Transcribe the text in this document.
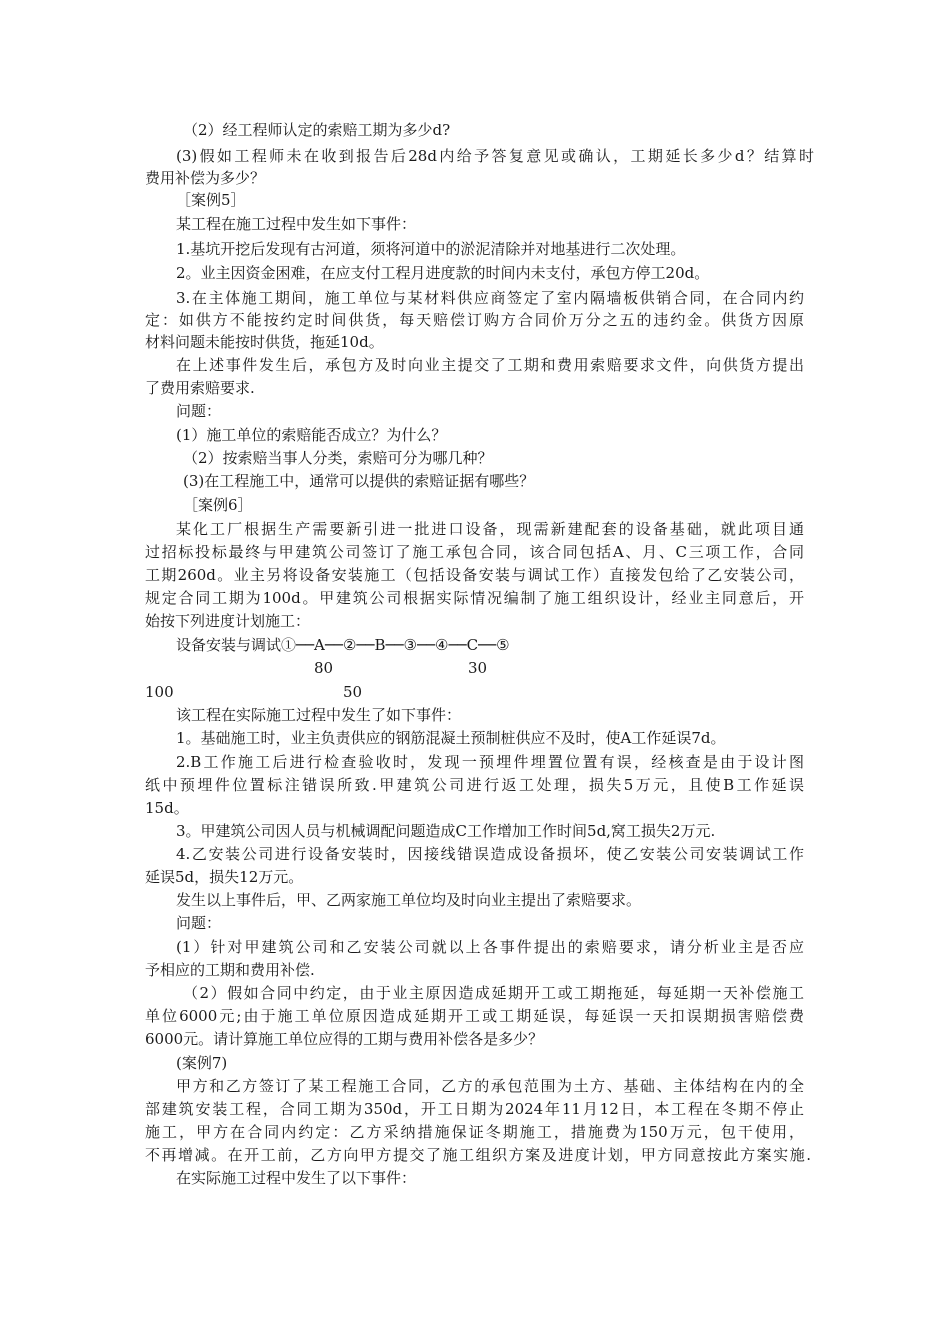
（2）经工程师认定的索赔工期为多少d?
(3)假如工程师未在收到报告后28d内给予答复意见或确认，工期延长多少d？结算时
费用补偿为多少？
［案例5］
某工程在施工过程中发生如下事件：
1.基坑开挖后发现有古河道，须将河道中的淤泥清除并对地基进行二次处理。
2。业主因资金困难，在应支付工程月进度款的时间内未支付，承包方停工20d。
3.在主体施工期间，施工单位与某材料供应商签定了室内隔墙板供销合同，在合同内约
定：如供方不能按约定时间供货，每天赔偿订购方合同价万分之五的违约金。供货方因原
材料问题未能按时供货，拖延10d。
在上述事件发生后，承包方及时向业主提交了工期和费用索赔要求文件，向供货方提出
了费用索赔要求.
问题：
(1）施工单位的索赔能否成立？为什么？
（2）按索赔当事人分类，索赔可分为哪几种？
(3)在工程施工中，通常可以提供的索赔证据有哪些？
［案例6］
某化工厂根据生产需要新引进一批进口设备，现需新建配套的设备基础，就此项目通
过招标投标最终与甲建筑公司签订了施工承包合同，该合同包括A、月、C三项工作，合同
工期260d。业主另将设备安装施工（包括设备安装与调试工作）直接发包给了乙安装公司，
规定合同工期为100d。甲建筑公司根据实际情况编制了施工组织设计，经业主同意后，开
始按下列进度计划施工：
设备安装与调试①──A──②──B──③──④──C──⑤
80	30
100	50
该工程在实际施工过程中发生了如下事件：
1。基础施工时，业主负责供应的钢筋混凝土预制桩供应不及时，使A工作延误7d。
2.B工作施工后进行检查验收时，发现一预埋件埋置位置有误，经核查是由于设计图
纸中预埋件位置标注错误所致.甲建筑公司进行返工处理，损失5万元，且使B工作延误
15d。
3。甲建筑公司因人员与机械调配问题造成C工作增加工作时间5d,窝工损失2万元.
4.乙安装公司进行设备安装时，因接线错误造成设备损坏，使乙安装公司安装调试工作
延误5d，损失12万元。
发生以上事件后，甲、乙两家施工单位均及时向业主提出了索赔要求。
问题：
(1）针对甲建筑公司和乙安装公司就以上各事件提出的索赔要求，请分析业主是否应
予相应的工期和费用补偿.
（2）假如合同中约定，由于业主原因造成延期开工或工期拖延，每延期一天补偿施工
单位6000元;由于施工单位原因造成延期开工或工期延误，每延误一天扣误期损害赔偿费
6000元。请计算施工单位应得的工期与费用补偿各是多少？
(案例7)
甲方和乙方签订了某工程施工合同，乙方的承包范围为土方、基础、主体结构在内的全
部建筑安装工程，合同工期为350d，开工日期为2024年11月12日，本工程在冬期不停止
施工，甲方在合同内约定：乙方采纳措施保证冬期施工，措施费为150万元，包干使用，
不再增减。在开工前，乙方向甲方提交了施工组织方案及进度计划，甲方同意按此方案实施.
在实际施工过程中发生了以下事件：
